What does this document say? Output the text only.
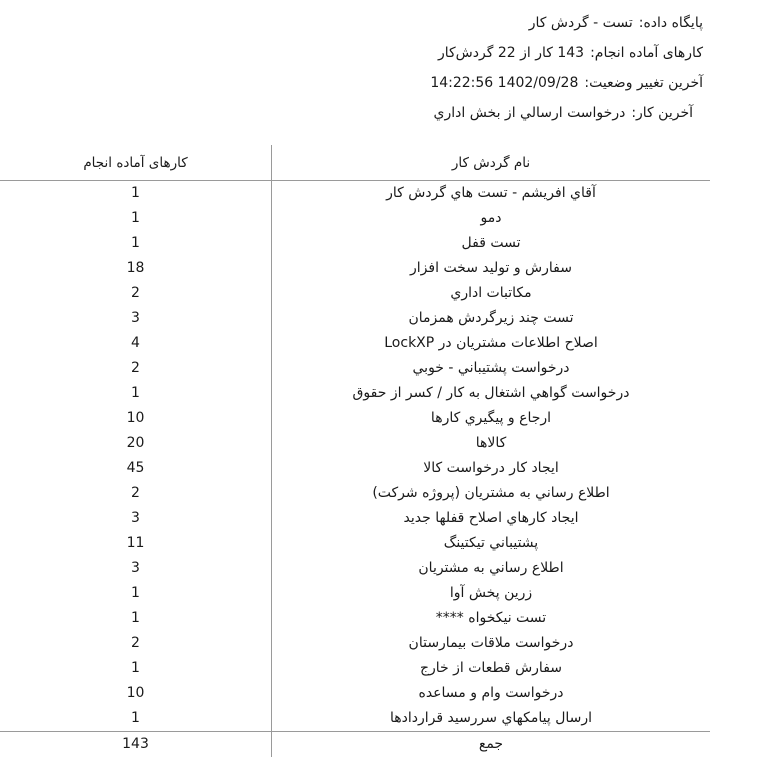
پایگاه داده:تست - گردش کار
کارهای آماده انجام:143 کار از 22 گردش‌کار
آخرین تغییر وضعیت:1402/09/28 14:22:56
آخرین کار:درخواست ارسالي از بخش اداري
کارهای آماده انجام	نام گردش کار
1	آقاي افريشم - تست هاي گردش كار
1	دمو
1	تست قفل
18	سفارش و توليد سخت افزار
2	مكاتبات اداري
3	تست چند زيرگردش همزمان
4	اصلاح اطلاعات مشتريان در LockXP
2	درخواست پشتيباني - خوبي
1	درخواست گواهي اشتغال به كار / كسر از حقوق
10	ارجاع و پيگيري كارها
20	كالاها
45	ايجاد كار درخواست كالا
2	اطلاع رساني به مشتريان (پروژه شركت)
3	ايجاد كارهاي اصلاح قفلها جديد
11	پشتيباني تيكتينگ
3	اطلاع رساني به مشتريان
1	زرين پخش آوا
1	تست نيكخواه ****
2	درخواست ملاقات بيمارستان
1	سفارش قطعات از خارج
10	درخواست وام و مساعده
1	ارسال پيامكهاي سررسيد قراردادها
143	جمع
